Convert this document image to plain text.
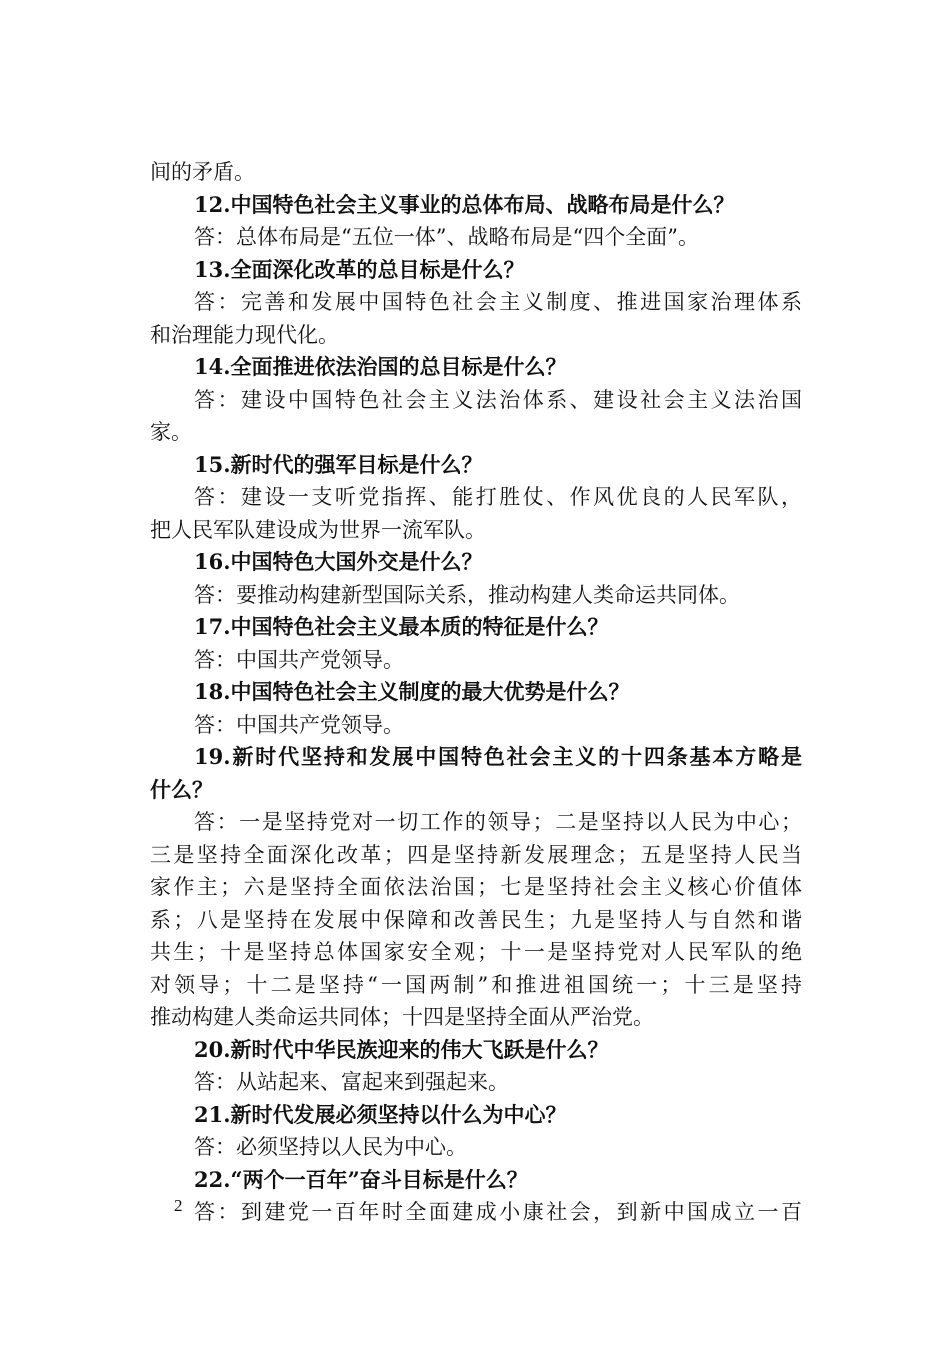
间的矛盾。
12.中国特色社会主义事业的总体布局、战略布局是什么？
答：总体布局是“五位一体”、战略布局是“四个全面”。
13.全面深化改革的总目标是什么？
答：完善和发展中国特色社会主义制度、推进国家治理体系
和治理能力现代化。
14.全面推进依法治国的总目标是什么？
答：建设中国特色社会主义法治体系、建设社会主义法治国
家。
15.新时代的强军目标是什么？
答：建设一支听党指挥、能打胜仗、作风优良的人民军队，
把人民军队建设成为世界一流军队。
16.中国特色大国外交是什么？
答：要推动构建新型国际关系，推动构建人类命运共同体。
17.中国特色社会主义最本质的特征是什么？
答：中国共产党领导。
18.中国特色社会主义制度的最大优势是什么？
答：中国共产党领导。
19.新时代坚持和发展中国特色社会主义的十四条基本方略是
什么？
答：一是坚持党对一切工作的领导；二是坚持以人民为中心；
三是坚持全面深化改革；四是坚持新发展理念；五是坚持人民当
家作主；六是坚持全面依法治国；七是坚持社会主义核心价值体
系；八是坚持在发展中保障和改善民生；九是坚持人与自然和谐
共生；十是坚持总体国家安全观；十一是坚持党对人民军队的绝
对领导；十二是坚持“一国两制”和推进祖国统一；十三是坚持
推动构建人类命运共同体；十四是坚持全面从严治党。
20.新时代中华民族迎来的伟大飞跃是什么？
答：从站起来、富起来到强起来。
21.新时代发展必须坚持以什么为中心？
答：必须坚持以人民为中心。
22.“两个一百年”奋斗目标是什么？
答：到建党一百年时全面建成小康社会，到新中国成立一百
2
